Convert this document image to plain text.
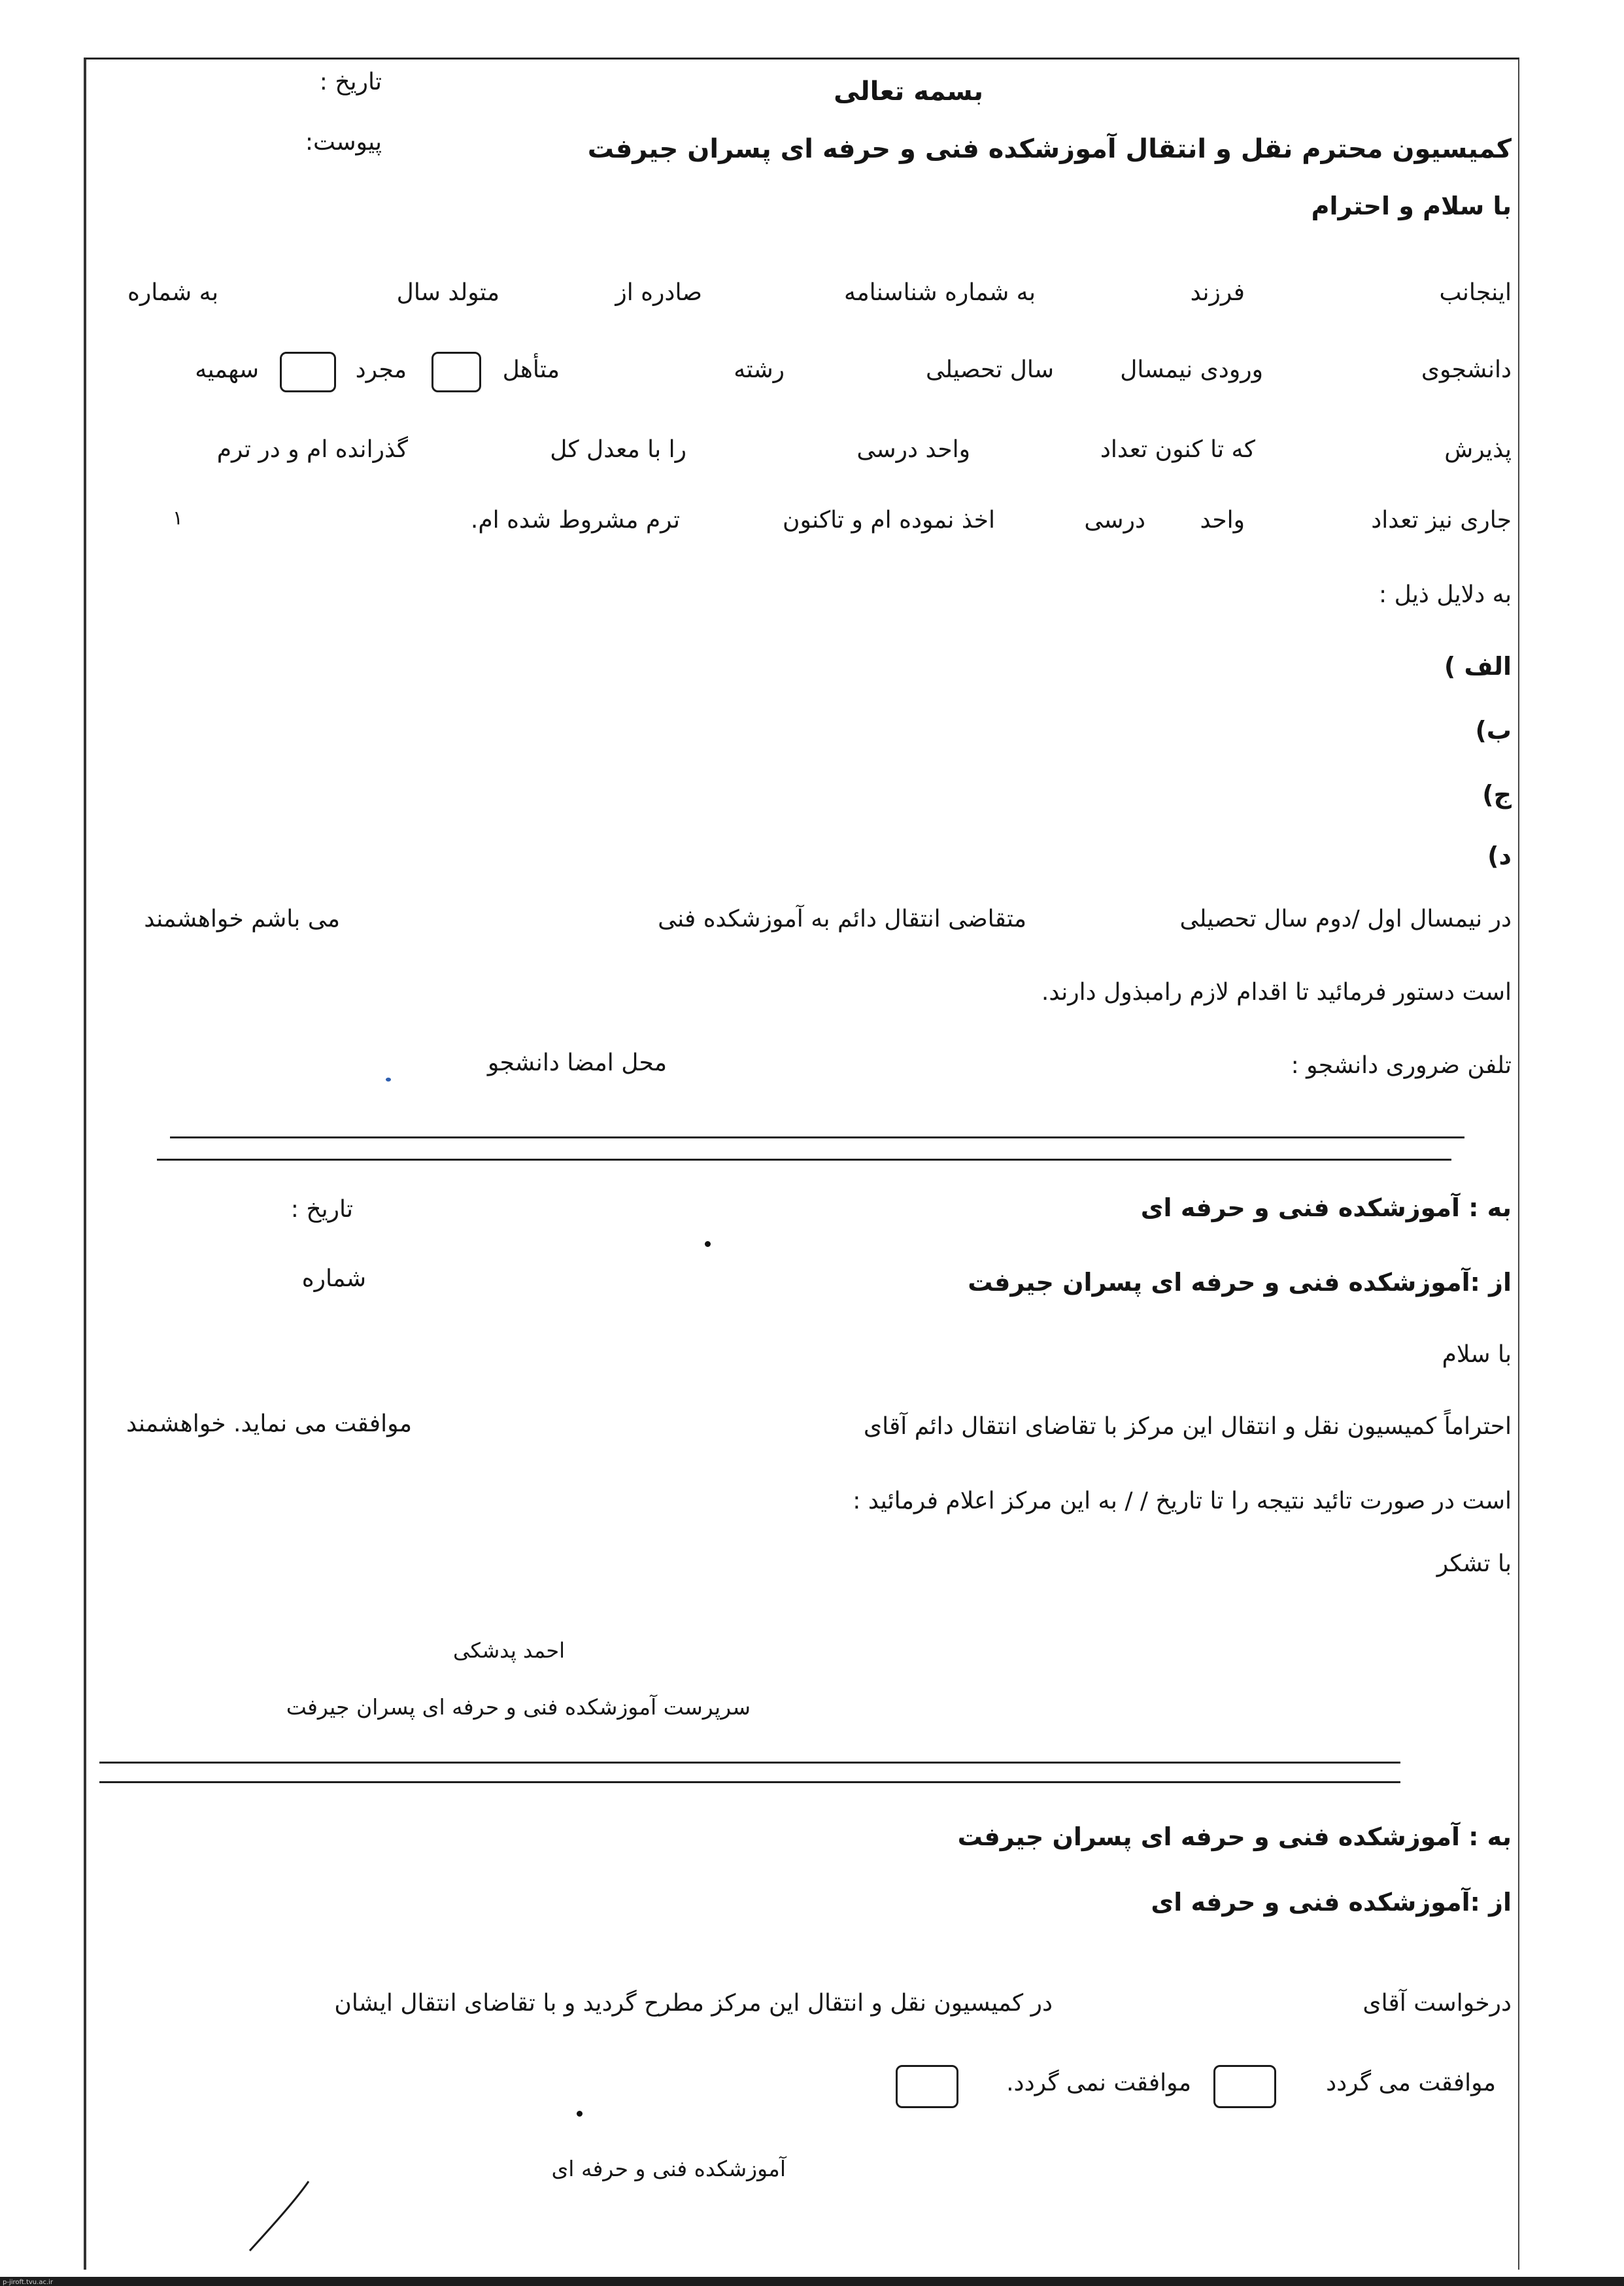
بسمه تعالی
تاریخ :
پیوست:	کمیسیون محترم نقل و انتقال آموزشکده فنی و حرفه ای پسران جیرفت
با سلام و احترام
اینجانب
فرزند
به شماره شناسنامه
صادره از
متولد سال
به شماره
دانشجوی
ورودی نیمسال
سال تحصیلی
رشته
متأهل
مجرد
سهمیه
پذیرش
که تا کنون تعداد
واحد درسی
را با معدل کل
گذرانده ام و در ترم
جاری نیز تعداد
واحد
درسی
اخذ نموده ام و تاکنون
ترم مشروط شده ام.
۱
به دلایل ذیل :
الف )
ب)
ج)
د)
در نیمسال اول /دوم سال تحصیلی
متقاضی انتقال دائم به آموزشکده فنی
می باشم خواهشمند
است دستور فرمائید تا اقدام لازم رامبذول دارند.
تلفن ضروری دانشجو :
محل امضا دانشجو
به : آموزشکده فنی و حرفه ای
تاریخ :
از :آموزشکده فنی و حرفه ای پسران جیرفت
شماره
با سلام
احتراماً کمیسیون نقل و انتقال این مرکز با تقاضای انتقال دائم آقای
موافقت می نماید. خواهشمند
است در صورت تائید نتیجه را تا تاریخ / / به این مرکز اعلام فرمائید :
با تشکر
احمد پدشکی
سرپرست آموزشکده فنی و حرفه ای پسران جیرفت
به : آموزشکده فنی و حرفه ای پسران جیرفت
از :آموزشکده فنی و حرفه ای
درخواست آقای
در کمیسیون نقل و انتقال این مرکز مطرح گردید و با تقاضای انتقال ایشان
موافقت می گردد
موافقت نمی گردد.
آموزشکده فنی و حرفه ای
p-jiroft.tvu.ac.ir
